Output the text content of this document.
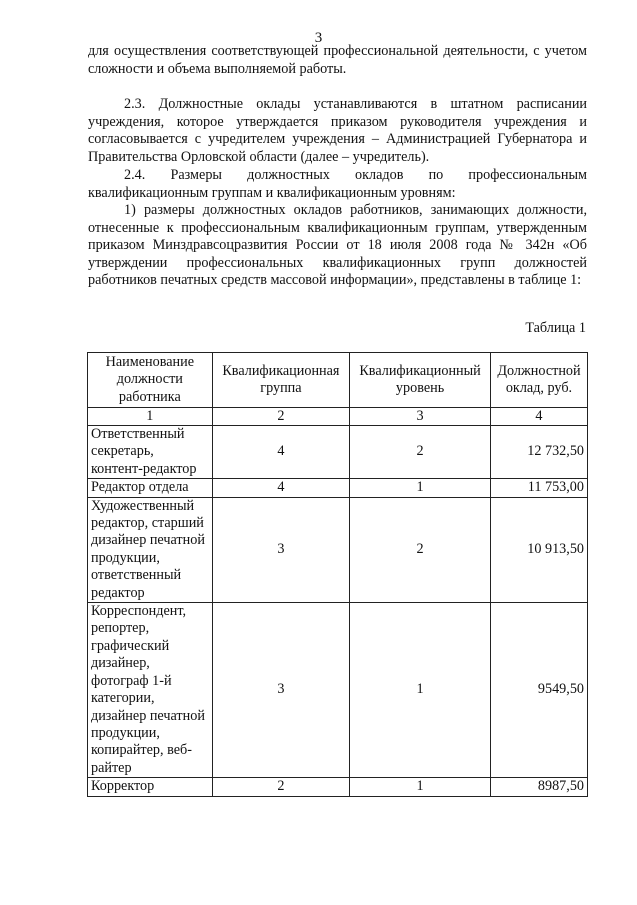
3

для осуществления соответствующей профессиональной деятельности, с учетом сложности и объема выполняемой работы.

2.3. Должностные оклады устанавливаются в штатном расписании учреждения, которое утверждается приказом руководителя учреждения и согласовывается с учредителем учреждения – Администрацией Губернатора и Правительства Орловской области (далее – учредитель).

2.4. Размеры должностных окладов по профессиональным квалификационным группам и квалификационным уровням:

1) размеры должностных окладов работников, занимающих должности, отнесенные к профессиональным квалификационным группам, утвержденным приказом Минздравсоцразвития России от 18 июля 2008 года № 342н «Об утверждении профессиональных квалификационных групп должностей работников печатных средств массовой информации», представлены в таблице 1:

Таблица 1
Наименование должности работника	Квалификационная группа	Квалификационный уровень	Должностной оклад, руб.
1	2	3	4
Ответственный секретарь, контент-редактор	4	2	12 732,50
Редактор отдела	4	1	11 753,00
Художественный редактор, старший дизайнер печатной продукции, ответственный редактор	3	2	10 913,50
Корреспондент, репортер, графический дизайнер, фотограф 1-й категории, дизайнер печатной продукции, копирайтер, веб-райтер	3	1	9549,50
Корректор	2	1	8987,50
